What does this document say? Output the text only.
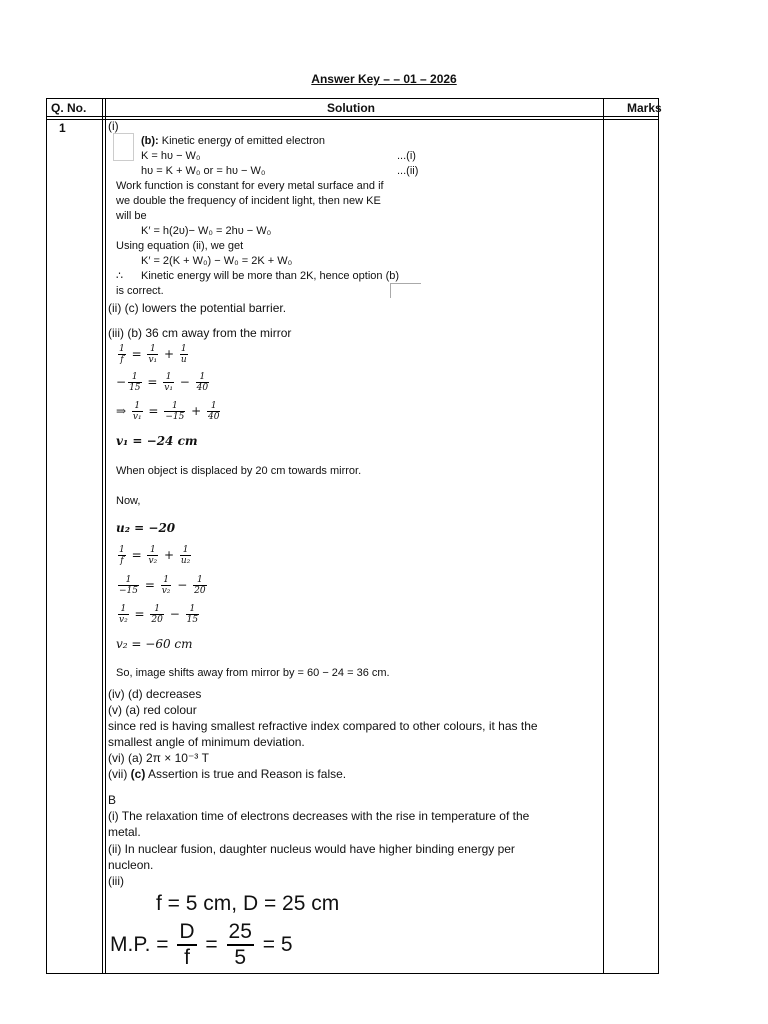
Answer Key – – 01 – 2026
Q. No.	Solution	Marks
1	(i)
(b): Kinetic energy of emitted electron
K = hυ − W₀	...(i)
hυ = K + W₀ or = hυ − W₀	...(ii)
Work function is constant for every metal surface and if
we double the frequency of incident light, then new KE
will be
K′ = h(2υ)− W₀ = 2hυ − W₀
Using equation (ii), we get
K′ = 2(K + W₀) − W₀ = 2K + W₀
∴ Kinetic energy will be more than 2K, hence option (b)
is correct.
(ii) (c) lowers the potential barrier.
(iii) (b) 36 cm away from the mirror
$\frac{1}{f} = \frac{1}{\text{v₁}} + \frac{1}{u}$
− $\frac{1}{15} = \frac{1}{\text{v₁}} - \frac{1}{40}$
⇒ $\frac{1}{\text{v₁}} = \frac{1}{-15} + \frac{1}{40}$
v₁ = −24 cm
When object is displaced by 20 cm towards mirror.
Now,
u₂ = −20
$\frac{1}{f} = \frac{1}{\text{v₂}} + \frac{1}{\text{u₂}}$
$\frac{1}{-15} = \frac{1}{\text{v₂}} - \frac{1}{20}$
$\frac{1}{\text{v₂}} = \frac{1}{20} - \frac{1}{15}$
v₂ = −60 cm
So, image shifts away from mirror by = 60 − 24 = 36 cm.
(iv) (d) decreases
(v) (a) red colour
since red is having smallest refractive index compared to other colours, it has the
smallest angle of minimum deviation.
(vi) (a) 2π × 10⁻³ T
(vii) (c) Assertion is true and Reason is false.
B
(i) The relaxation time of electrons decreases with the rise in temperature of the
metal.
(ii) In nuclear fusion, daughter nucleus would have higher binding energy per
nucleon.
(iii)
f = 5 cm, D = 25 cm
M.P. = $\frac{D}{f} = \frac{25}{5} = 5$
